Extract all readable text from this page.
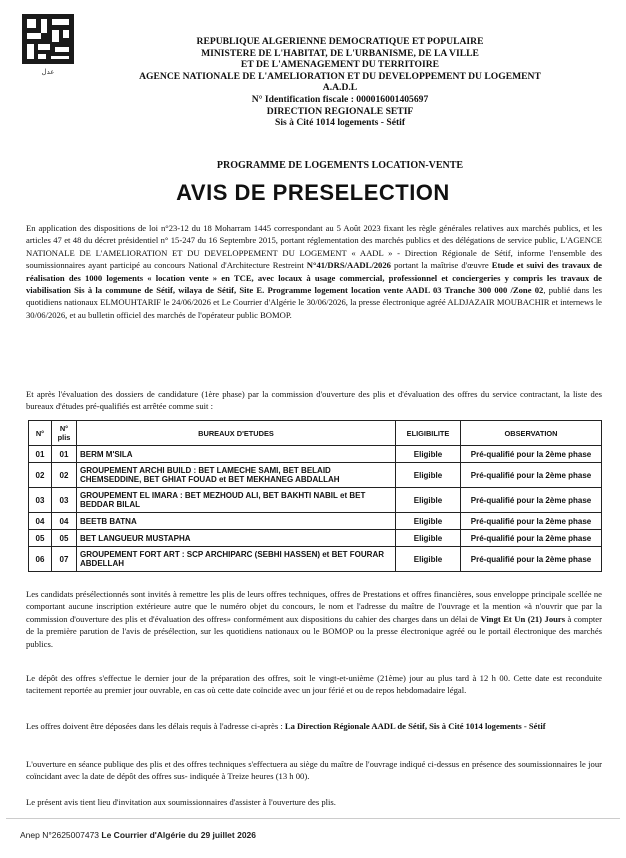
عدل
REPUBLIQUE ALGERIENNE DEMOCRATIQUE ET POPULAIRE
MINISTERE DE L'HABITAT, DE L'URBANISME, DE LA VILLE
ET DE L'AMENAGEMENT DU TERRITOIRE
AGENCE NATIONALE DE L'AMELIORATION ET DU DEVELOPPEMENT DU LOGEMENT
A.A.D.L
N° Identification fiscale : 000016001405697
DIRECTION REGIONALE SETIF
Sis à Cité 1014 logements - Sétif
PROGRAMME DE LOGEMENTS LOCATION-VENTE
AVIS DE PRESELECTION
En application des dispositions de loi n°23-12 du 18 Moharram 1445 correspondant au 5 Août 2023 fixant les règle générales relatives aux marchés publics, et les articles 47 et 48 du décret présidentiel n° 15-247 du 16 Septembre 2015, portant réglementation des marchés publics et des délégations de service public, L'AGENCE NATIONALE DE L'AMELIORATION ET DU DEVELOPPEMENT DU LOGEMENT « AADL » - Direction Régionale de Sétif, informe l'ensemble des soumissionnaires ayant participé au concours National d'Architecture Restreint N°41/DRS/AADL/2026 portant la maîtrise d'œuvre Etude et suivi des travaux de réalisation des 1000 logements « location vente » en TCE, avec locaux à usage commercial, professionnel et conciergeries y compris les travaux de viabilisation Sis à la commune de Sétif, wilaya de Sétif, Site E. Programme logement location vente AADL 03 Tranche 300 000 /Zone 02, publié dans les quotidiens nationaux ELMOUHTARIF le 24/06/2026 et Le Courrier d'Algérie le 30/06/2026, la presse électronique agréé ALDJAZAIR MOUBACHIR et internews le 30/06/2026, et au bulletin officiel des marchés de l'opérateur public BOMOP.
Et après l'évaluation des dossiers de candidature (1ère phase) par la commission d'ouverture des plis et d'évaluation des offres du service contractant, la liste des bureaux d'études pré-qualifiés est arrêtée comme suit :
N°	N° plis	BUREAUX D'ETUDES	ELIGIBILITE	OBSERVATION
01	01	BERM M'SILA	Eligible	Pré-qualifié pour la 2ème phase
02	02	GROUPEMENT ARCHI BUILD : BET LAMECHE SAMI, BET BELAID CHEMSEDDINE, BET GHIAT FOUAD et BET MEKHANEG ABDALLAH	Eligible	Pré-qualifié pour la 2ème phase
03	03	GROUPEMENT EL IMARA : BET MEZHOUD ALI, BET BAKHTI NABIL et BET BEDDAR BILAL	Eligible	Pré-qualifié pour la 2ème phase
04	04	BEETB BATNA	Eligible	Pré-qualifié pour la 2ème phase
05	05	BET LANGUEUR MUSTAPHA	Eligible	Pré-qualifié pour la 2ème phase
06	07	GROUPEMENT FORT ART : SCP ARCHIPARC (SEBHI HASSEN) et BET FOURAR ABDELLAH	Eligible	Pré-qualifié pour la 2ème phase
Les candidats présélectionnés sont invités à remettre les plis de leurs offres techniques, offres de Prestations et offres financières, sous enveloppe principale scellée ne comportant aucune inscription extérieure autre que le numéro objet du concours, le nom et l'adresse du maître de l'ouvrage et la mention «à n'ouvrir que par la commission d'ouverture des plis et d'évaluation des offres» conformément aux dispositions du cahier des charges dans un délai de Vingt Et Un (21) Jours à compter de la première parution de l'avis de présélection, sur les quotidiens nationaux ou le BOMOP ou la presse électronique agréé ou le portail électronique des marchés publics.
Le dépôt des offres s'effectue le dernier jour de la préparation des offres, soit le vingt-et-unième (21ème) jour au plus tard à 12 h 00. Cette date est reconduite tacitement reportée au premier jour ouvrable, en cas où cette date coïncide avec un jour férié et ou de repos hebdomadaire légal.
Les offres doivent être déposées dans les délais requis à l'adresse ci-après : La Direction Régionale AADL de Sétif, Sis à Cité 1014 logements - Sétif
L'ouverture en séance publique des plis et des offres techniques s'effectuera au siège du maître de l'ouvrage indiqué ci-dessus en présence des soumissionnaires le jour coïncidant avec la date de dépôt des offres sus- indiquée à Treize heures (13 h 00).
Le présent avis tient lieu d'invitation aux soumissionnaires d'assister à l'ouverture des plis.
Anep N°2625007473 Le Courrier d'Algérie du 29 juillet 2026
